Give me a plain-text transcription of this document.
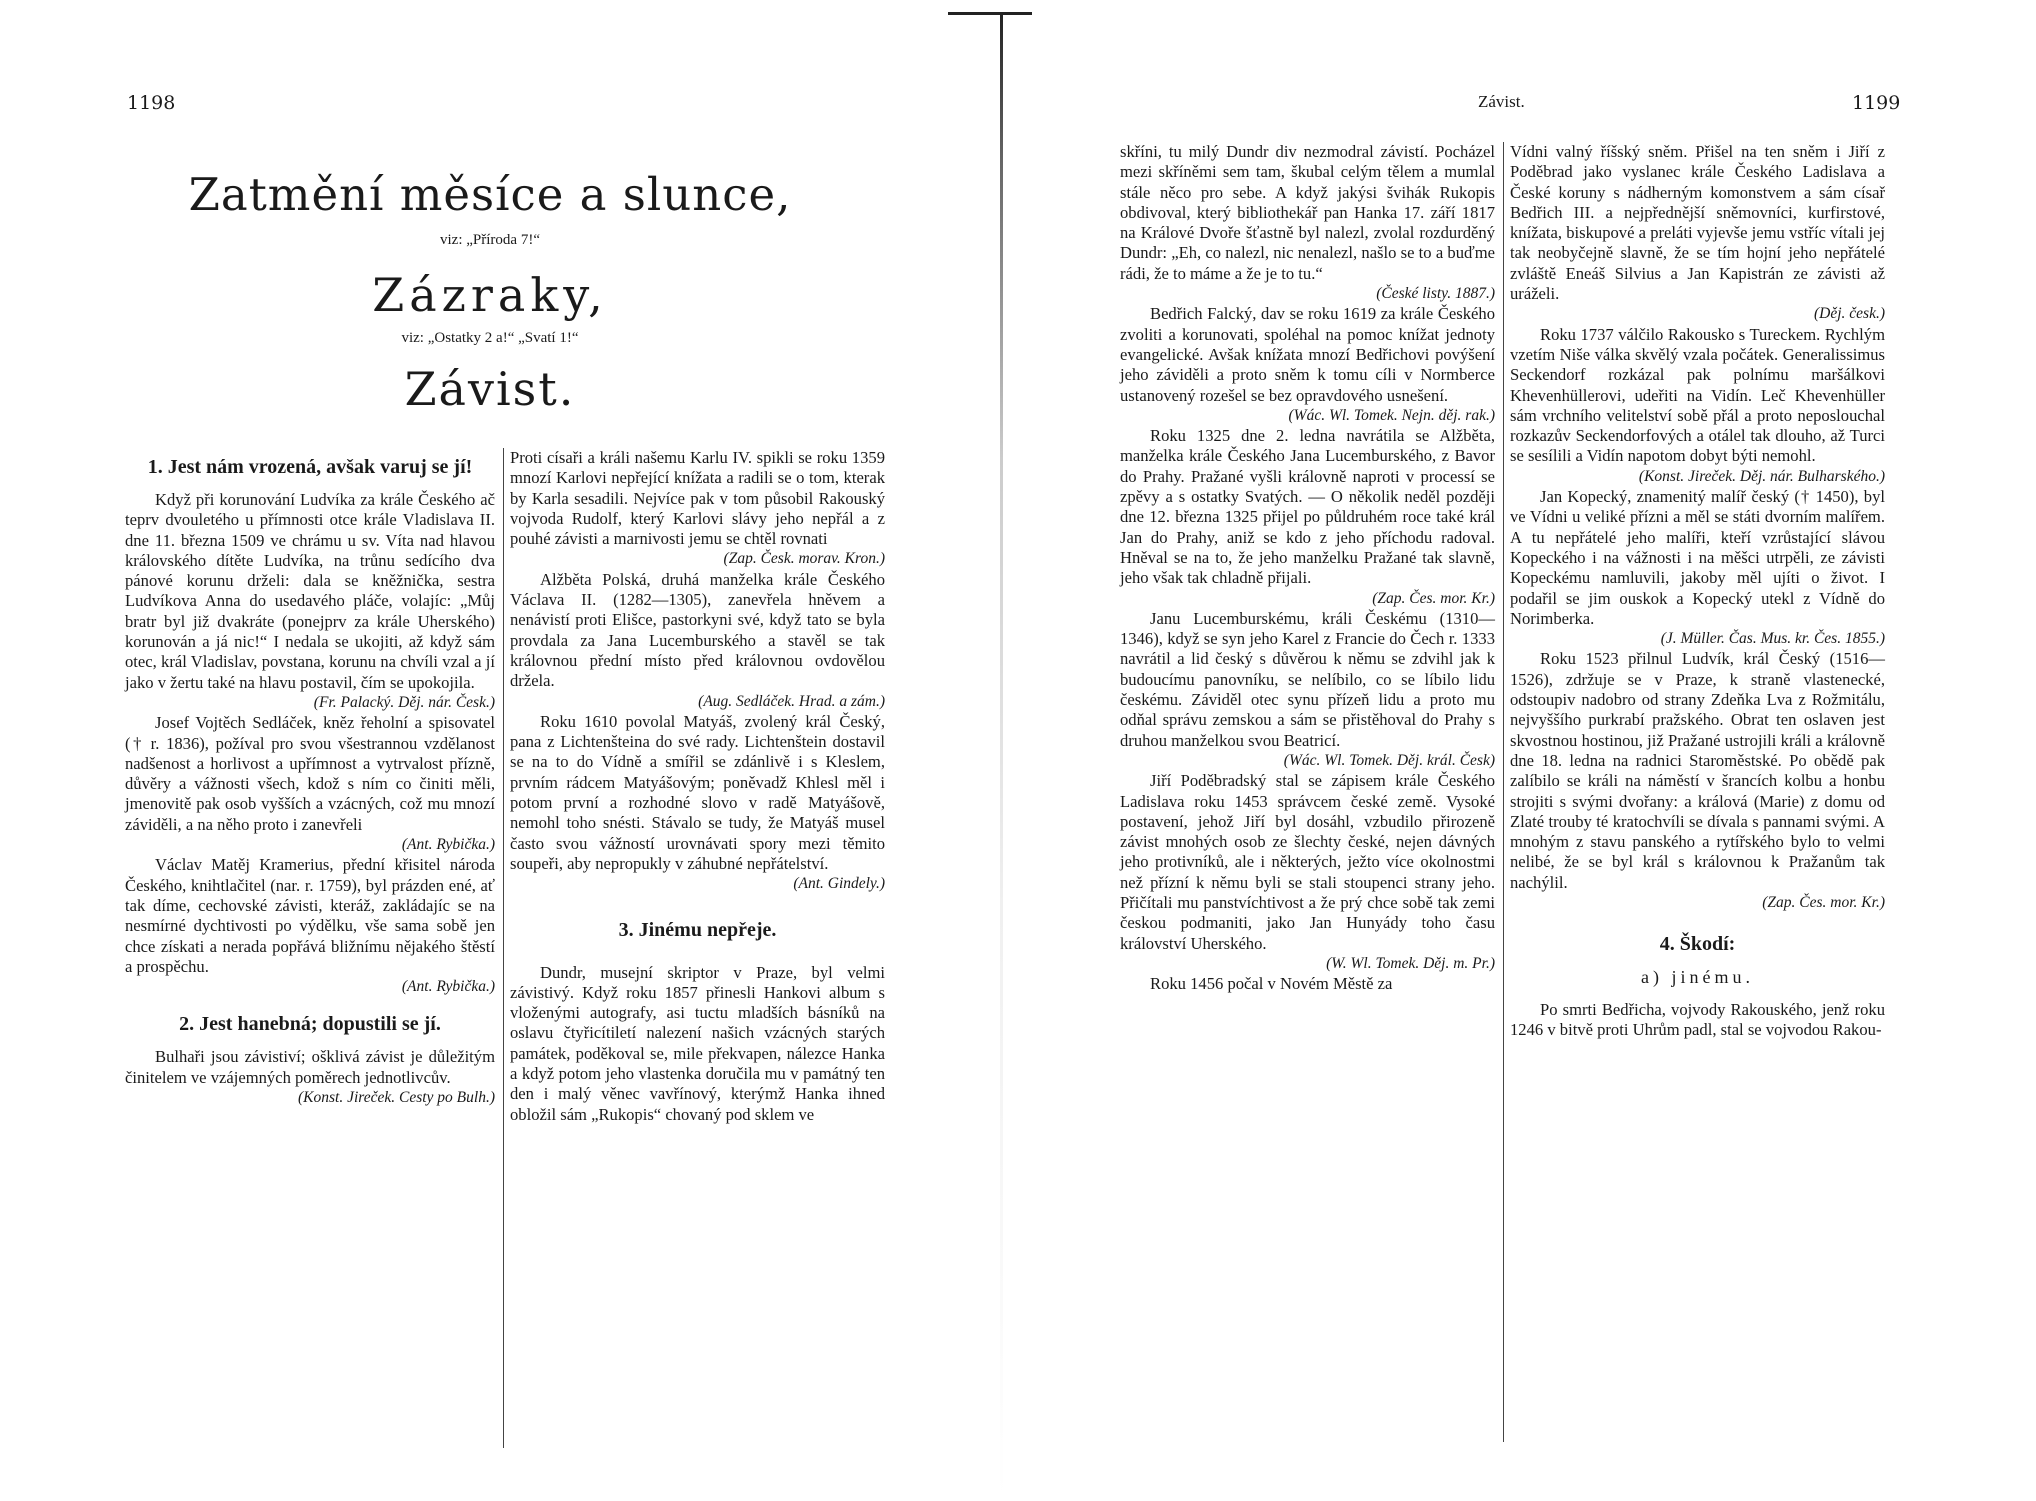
1198
Zatmění měsíce a slunce,
viz: „Příroda 7!“
Zázraky,
viz: „Ostatky 2 a!“ „Svatí 1!“
Závist.
1. Jest nám vrozená, avšak varuj se jí!

Když při korunování Ludvíka za krále Českého ač teprv dvouletého u přímnosti otce krále Vladislava II. dne 11. března 1509 ve chrámu u sv. Víta nad hlavou královského dítěte Ludvíka, na trůnu sedícího dva pánové korunu drželi: dala se kněžnička, sestra Ludvíkova Anna do usedavého pláče, volajíc: „Můj bratr byl již dvakráte (ponejprv za krále Uherského) korunován a já nic!“ I nedala se ukojiti, až když sám otec, král Vladislav, povstana, korunu na chvíli vzal a jí jako v žertu také na hlavu postavil, čím se upokojila.

(Fr. Palacký. Děj. nár. Česk.)

Josef Vojtěch Sedláček, kněz řeholní a spisovatel († r. 1836), požíval pro svou všestrannou vzdělanost nadšenost a horlivost a upřímnost a vytrvalost přízně, důvěry a vážnosti všech, kdož s ním co činiti měli, jmenovitě pak osob vyšších a vzácných, což mu mnozí záviděli, a na něho proto i zanevřeli

(Ant. Rybička.)

Václav Matěj Kramerius, přední křisitel národa Českého, knihtlačitel (nar. r. 1759), byl prázden ené, ať tak díme, cechovské závisti, kteráž, zakládajíc se na nesmírné dychtivosti po výdělku, vše sama sobě jen chce získati a nerada popřává bližnímu nějakého štěstí a prospěchu.

(Ant. Rybička.)

2. Jest hanebná; dopustili se jí.

Bulhaři jsou závistiví; ošklivá závist je důležitým činitelem ve vzájemných poměrech jednotlivcův.

(Konst. Jireček. Cesty po Bulh.)

Proti císaři a králi našemu Karlu IV. spikli se roku 1359 mnozí Karlovi nepřející knížata a radili se o tom, kterak by Karla sesadili. Nejvíce pak v tom působil Rakouský vojvoda Rudolf, který Karlovi slávy jeho nepřál a z pouhé závisti a marnivosti jemu se chtěl rovnati

(Zap. Česk. morav. Kron.)

Alžběta Polská, druhá manželka krále Českého Václava II. (1282—1305), zanevřela hněvem a nenávistí proti Elišce, pastorkyni své, když tato se byla provdala za Jana Lucemburského a stavěl se tak královnou přední místo před královnou ovdovělou držela.

(Aug. Sedláček. Hrad. a zám.)

Roku 1610 povolal Matyáš, zvolený král Český, pana z Lichtenšteina do své rady. Lichtenštein dostavil se na to do Vídně a smířil se zdánlivě i s Kleslem, prvním rádcem Matyášovým; poněvadž Khlesl měl i potom první a rozhodné slovo v radě Matyášově, nemohl toho snésti. Stávalo se tudy, že Matyáš musel často svou vážností urovnávati spory mezi těmito soupeři, aby nepropukly v záhubné nepřátelství.

(Ant. Gindely.)

3. Jinému nepřeje.

Dundr, musejní skriptor v Praze, byl velmi závistivý. Když roku 1857 přinesli Hankovi album s vloženými autografy, asi tuctu mladších básníků na oslavu čtyřicítiletí nalezení našich vzácných starých památek, poděkoval se, mile překvapen, nálezce Hanka a když potom jeho vlastenka doručila mu v památný ten den i malý věnec vavřínový, kterýmž Hanka ihned obložil sám „Rukopis“ chovaný pod sklem ve

Závist.	1199

skříni, tu milý Dundr div nezmodral závistí. Pocházel mezi skříněmi sem tam, škubal celým tělem a mumlal stále něco pro sebe. A když jakýsi švihák Rukopis obdivoval, který bibliothekář pan Hanka 17. září 1817 na Králové Dvoře šťastně byl nalezl, zvolal rozdurděný Dundr: „Eh, co nalezl, nic nenalezl, našlo se to a buďme rádi, že to máme a že je to tu.“

(České listy. 1887.)

Bedřich Falcký, dav se roku 1619 za krále Českého zvoliti a korunovati, spoléhal na pomoc knížat jednoty evangelické. Avšak knížata mnozí Bedřichovi povýšení jeho záviděli a proto sněm k tomu cíli v Normberce ustanovený rozešel se bez opravdového usnešení.

(Wác. Wl. Tomek. Nejn. děj. rak.)

Roku 1325 dne 2. ledna navrátila se Alžběta, manželka krále Českého Jana Lucemburského, z Bavor do Prahy. Pražané vyšli královně naproti v processí se zpěvy a s ostatky Svatých. — O několik neděl později dne 12. března 1325 přijel po půldruhém roce také král Jan do Prahy, aniž se kdo z jeho příchodu radoval. Hněval se na to, že jeho manželku Pražané tak slavně, jeho však tak chladně přijali.

(Zap. Čes. mor. Kr.)

Janu Lucemburskému, králi Českému (1310—1346), když se syn jeho Karel z Francie do Čech r. 1333 navrátil a lid český s důvěrou k němu se zdvihl jak k budoucímu panovníku, se nelíbilo, co se líbilo lidu českému. Záviděl otec synu přízeň lidu a proto mu odňal správu zemskou a sám se přistěhoval do Prahy s druhou manželkou svou Beatricí.

(Wác. Wl. Tomek. Děj. král. Česk)

Jiří Poděbradský stal se zápisem krále Českého Ladislava roku 1453 správcem české země. Vysoké postavení, jehož Jiří byl dosáhl, vzbudilo přirozeně závist mnohých osob ze šlechty české, nejen dávných jeho protivníků, ale i některých, ježto více okolnostmi než přízní k němu byli se stali stoupenci strany jeho. Přičítali mu panstvíchtivost a že prý chce sobě tak zemi českou podmaniti, jako Jan Hunyády toho času království Uherského.

(W. Wl. Tomek. Děj. m. Pr.)

Roku 1456 počal v Novém Městě za

Vídni valný říšský sněm. Přišel na ten sněm i Jiří z Poděbrad jako vyslanec krále Českého Ladislava a České koruny s nádherným komonstvem a sám císař Bedřich III. a nejpřednější sněmovníci, kurfirstové, knížata, biskupové a preláti vyjevše jemu vstříc vítali jej tak neobyčejně slavně, že se tím hojní jeho nepřátelé zvláště Eneáš Silvius a Jan Kapistrán ze závisti až uráželi.

(Děj. česk.)

Roku 1737 válčilo Rakousko s Tureckem. Rychlým vzetím Niše válka skvělý vzala počátek. Generalissimus Seckendorf rozkázal pak polnímu maršálkovi Khevenhüllerovi, udeřiti na Vidín. Leč Khevenhüller sám vrchního velitelství sobě přál a proto neposlouchal rozkazův Seckendorfových a otálel tak dlouho, až Turci se sesílili a Vidín napotom dobyt býti nemohl.

(Konst. Jireček. Děj. nár. Bulharského.)

Jan Kopecký, znamenitý malíř český († 1450), byl ve Vídni u veliké přízni a měl se státi dvorním malířem. A tu nepřátelé jeho malíři, kteří vzrůstající slávou Kopeckého i na vážnosti i na měšci utrpěli, ze závisti Kopeckému namluvili, jakoby měl ujíti o život. I podařil se jim ouskok a Kopecký utekl z Vídně do Norimberka.

(J. Müller. Čas. Mus. kr. Čes. 1855.)

Roku 1523 přilnul Ludvík, král Český (1516—1526), zdržuje se v Praze, k straně vlastenecké, odstoupiv nadobro od strany Zdeňka Lva z Rožmitálu, nejvyššího purkrabí pražského. Obrat ten oslaven jest skvostnou hostinou, již Pražané ustrojili králi a královně dne 18. ledna na radnici Staroměstské. Po obědě pak zalíbilo se králi na náměstí v šrancích kolbu a honbu strojiti s svými dvořany: a králová (Marie) z domu od Zlaté trouby té kratochvíli se dívala s pannami svými. A mnohým z stavu panského a rytířského bylo to velmi nelibé, že se byl král s královnou k Pražanům tak nachýlil.

(Zap. Čes. mor. Kr.)

4. Škodí:
a) jinému.

Po smrti Bedřicha, vojvody Rakouského, jenž roku 1246 v bitvě proti Uhrům padl, stal se vojvodou Rakou-
